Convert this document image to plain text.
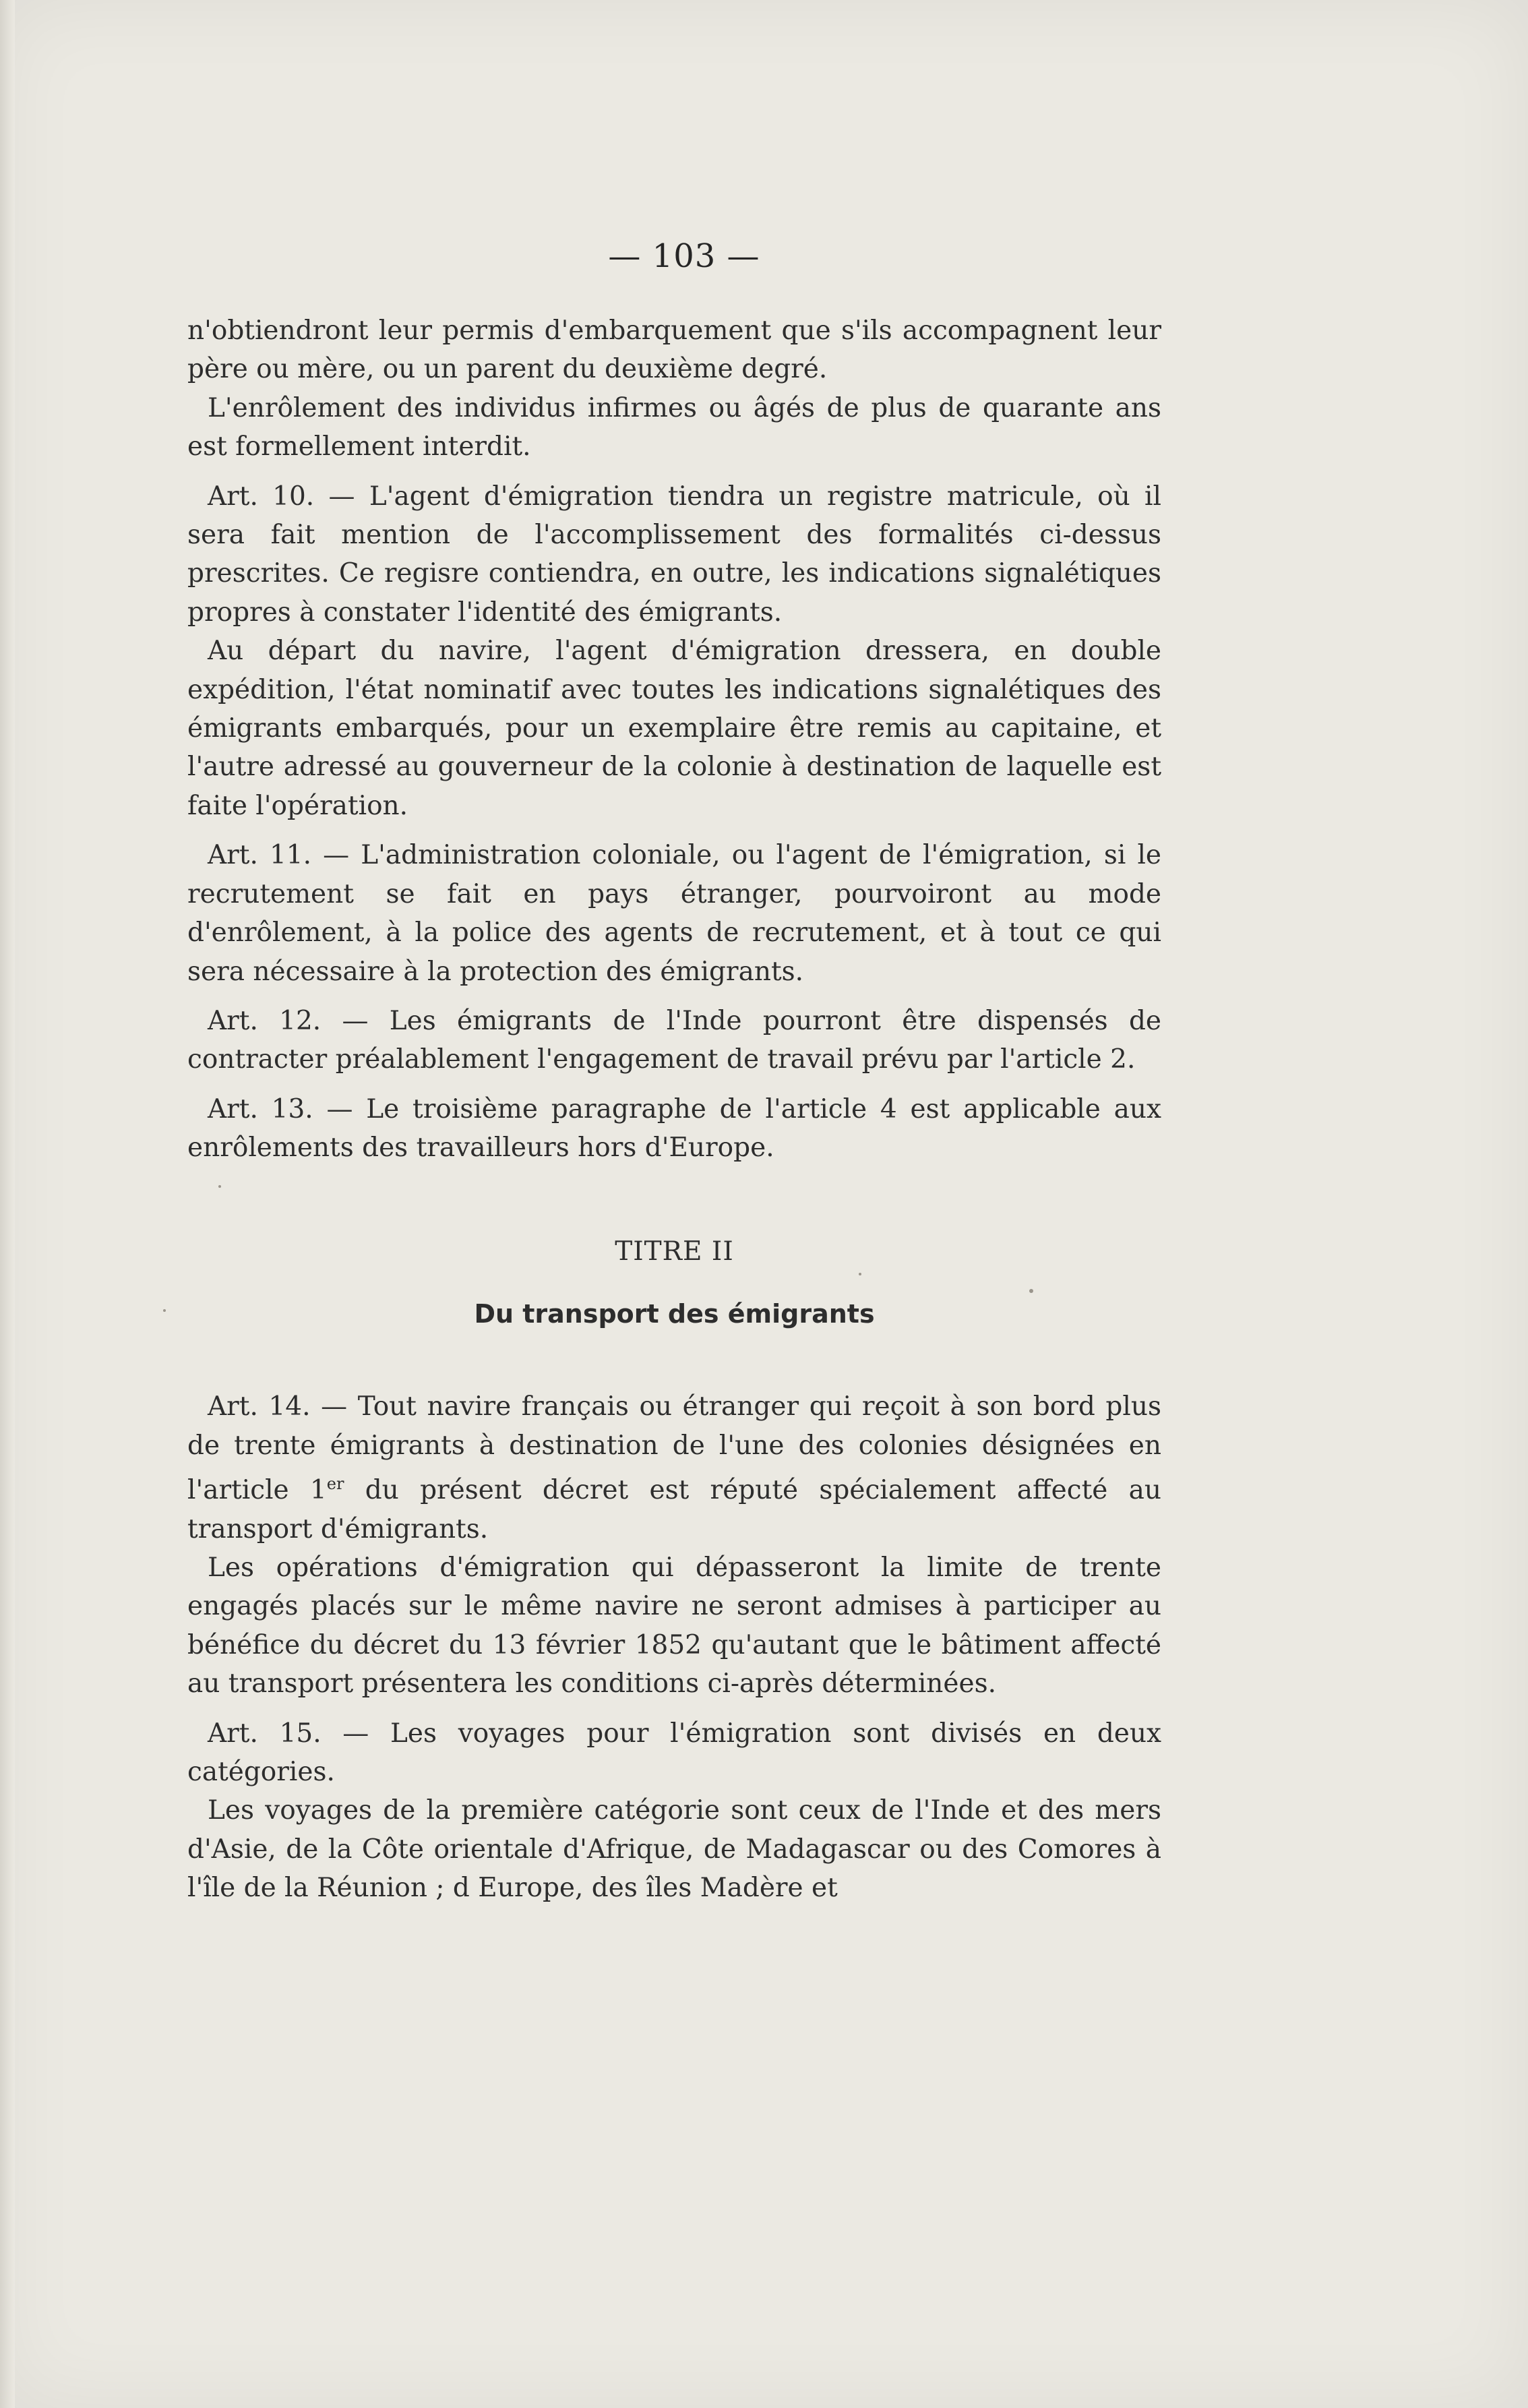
— 103 —

n'obtiendront leur permis d'embarquement que s'ils accompagnent leur père ou mère, ou un parent du deuxième degré.

L'enrôlement des individus infirmes ou âgés de plus de quarante ans est formellement interdit.

Art. 10. — L'agent d'émigration tiendra un registre matricule, où il sera fait mention de l'accomplissement des formalités ci-dessus prescrites. Ce regisre contiendra, en outre, les indications signalétiques propres à constater l'identité des émigrants.

Au départ du navire, l'agent d'émigration dressera, en double expédition, l'état nominatif avec toutes les indications signalétiques des émigrants embarqués, pour un exemplaire être remis au capitaine, et l'autre adressé au gouverneur de la colonie à destination de laquelle est faite l'opération.

Art. 11. — L'administration coloniale, ou l'agent de l'émigration, si le recrutement se fait en pays étranger, pourvoiront au mode d'enrôlement, à la police des agents de recrutement, et à tout ce qui sera nécessaire à la protection des émigrants.

Art. 12. — Les émigrants de l'Inde pourront être dispensés de contracter préalablement l'engagement de travail prévu par l'article 2.

Art. 13. — Le troisième paragraphe de l'article 4 est applicable aux enrôlements des travailleurs hors d'Europe.

TITRE II

Du transport des émigrants

Art. 14. — Tout navire français ou étranger qui reçoit à son bord plus de trente émigrants à destination de l'une des colonies désignées en l'article 1er du présent décret est réputé spécialement affecté au transport d'émigrants.

Les opérations d'émigration qui dépasseront la limite de trente engagés placés sur le même navire ne seront admises à participer au bénéfice du décret du 13 février 1852 qu'autant que le bâtiment affecté au transport présentera les conditions ci-après déterminées.

Art. 15. — Les voyages pour l'émigration sont divisés en deux catégories.

Les voyages de la première catégorie sont ceux de l'Inde et des mers d'Asie, de la Côte orientale d'Afrique, de Madagascar ou des Comores à l'île de la Réunion ; d Europe, des îles Madère et
